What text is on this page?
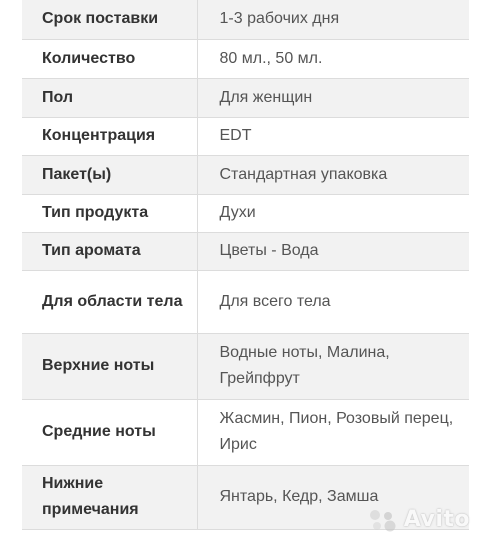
Срок поставки	1-3 рабочих дня
Количество	80 мл., 50 мл.
Пол	Для женщин
Концентрация	EDT
Пакет(ы)	Стандартная упаковка
Тип продукта	Духи
Тип аромата	Цветы - Вода
Для области тела	Для всего тела
Верхние ноты	Водные ноты, Малина, Грейпфрут
Средние ноты	Жасмин, Пион, Розовый перец, Ирис
Нижние примечания	Янтарь, Кедр, Замша
Avito
